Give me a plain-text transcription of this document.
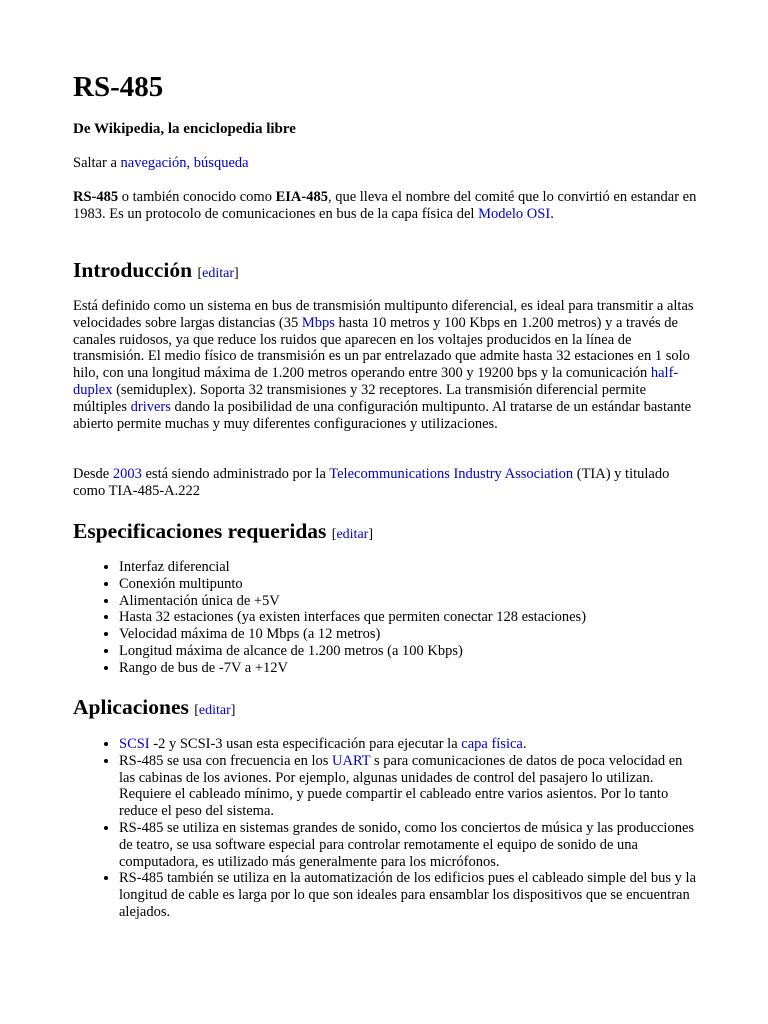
RS-485
De Wikipedia, la enciclopedia libre
Saltar a navegación, búsqueda

RS-485 o también conocido como EIA-485, que lleva el nombre del comité que lo convirtió en estandar en 1983. Es un protocolo de comunicaciones en bus de la capa física del Modelo OSI.

Introducción [editar]

Está definido como un sistema en bus de transmisión multipunto diferencial, es ideal para transmitir a altas velocidades sobre largas distancias (35 Mbps hasta 10 metros y 100 Kbps en 1.200 metros) y a través de canales ruidosos, ya que reduce los ruidos que aparecen en los voltajes producidos en la línea de transmisión. El medio físico de transmisión es un par entrelazado que admite hasta 32 estaciones en 1 solo hilo, con una longitud máxima de 1.200 metros operando entre 300 y 19200 bps y la comunicación half-duplex (semiduplex). Soporta 32 transmisiones y 32 receptores. La transmisión diferencial permite múltiples drivers dando la posibilidad de una configuración multipunto. Al tratarse de un estándar bastante abierto permite muchas y muy diferentes configuraciones y utilizaciones.

Desde 2003 está siendo administrado por la Telecommunications Industry Association (TIA) y titulado como TIA-485-A.222

Especificaciones requeridas [editar]
• Interfaz diferencial
• Conexión multipunto
• Alimentación única de +5V
• Hasta 32 estaciones (ya existen interfaces que permiten conectar 128 estaciones)
• Velocidad máxima de 10 Mbps (a 12 metros)
• Longitud máxima de alcance de 1.200 metros (a 100 Kbps)
• Rango de bus de -7V a +12V
Aplicaciones [editar]
• SCSI -2 y SCSI-3 usan esta especificación para ejecutar la capa física.
• RS-485 se usa con frecuencia en los UART s para comunicaciones de datos de poca velocidad en las cabinas de los aviones. Por ejemplo, algunas unidades de control del pasajero lo utilizan. Requiere el cableado mínimo, y puede compartir el cableado entre varios asientos. Por lo tanto reduce el peso del sistema.
• RS-485 se utiliza en sistemas grandes de sonido, como los conciertos de música y las producciones de teatro, se usa software especial para controlar remotamente el equipo de sonido de una computadora, es utilizado más generalmente para los micrófonos.
• RS-485 también se utiliza en la automatización de los edificios pues el cableado simple del bus y la longitud de cable es larga por lo que son ideales para ensamblar los dispositivos que se encuentran alejados.
